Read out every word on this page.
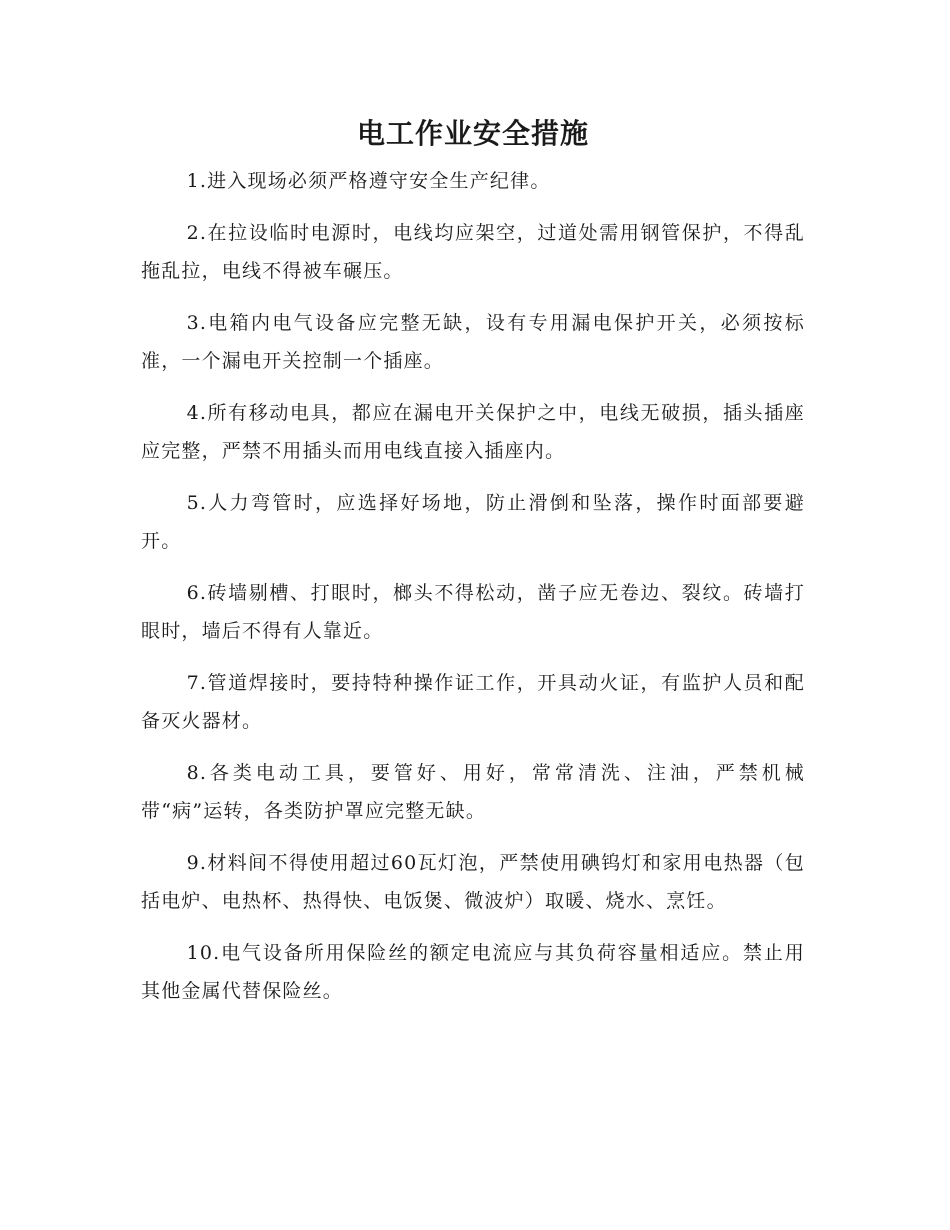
电工作业安全措施

1.进入现场必须严格遵守安全生产纪律。

2.在拉设临时电源时，电线均应架空，过道处需用钢管保护，不得乱拖乱拉，电线不得被车碾压。

3.电箱内电气设备应完整无缺，设有专用漏电保护开关，必须按标准，一个漏电开关控制一个插座。

4.所有移动电具，都应在漏电开关保护之中，电线无破损，插头插座应完整，严禁不用插头而用电线直接入插座内。

5.人力弯管时，应选择好场地，防止滑倒和坠落，操作时面部要避开。

6.砖墙剔槽、打眼时，榔头不得松动，凿子应无卷边、裂纹。砖墙打眼时，墙后不得有人靠近。

7.管道焊接时，要持特种操作证工作，开具动火证，有监护人员和配备灭火器材。

8.各类电动工具，要管好、用好，常常清洗、注油，严禁机械带“病”运转，各类防护罩应完整无缺。

9.材料间不得使用超过60瓦灯泡，严禁使用碘钨灯和家用电热器（包括电炉、电热杯、热得快、电饭煲、微波炉）取暖、烧水、烹饪。

10.电气设备所用保险丝的额定电流应与其负荷容量相适应。禁止用其他金属代替保险丝。
